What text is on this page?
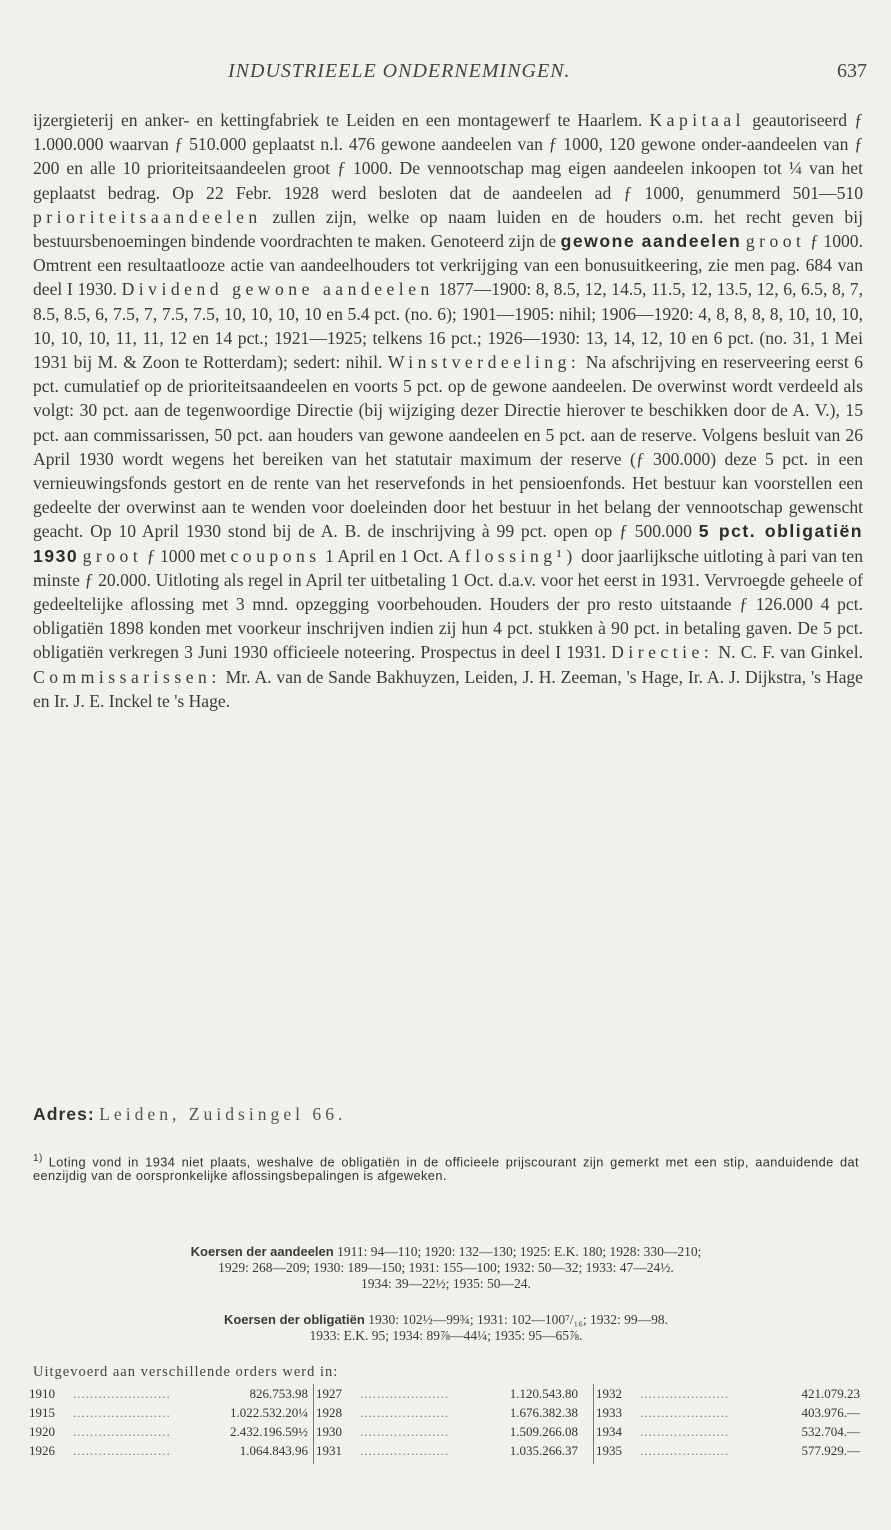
INDUSTRIEELE ONDERNEMINGEN.	637

ijzergieterij en anker- en kettingfabriek te Leiden en een montagewerf te Haarlem. Kapitaal geautoriseerd ƒ 1.000.000 waarvan ƒ 510.000 geplaatst n.l. 476 gewone aandeelen van ƒ 1000, 120 gewone onder-aandeelen van ƒ 200 en alle 10 prioriteitsaandeelen groot ƒ 1000. De vennootschap mag eigen aandeelen inkoopen tot ¼ van het geplaatst bedrag. Op 22 Febr. 1928 werd besloten dat de aandeelen ad ƒ 1000, genummerd 501—510 prioriteitsaandeelen zullen zijn, welke op naam luiden en de houders o.m. het recht geven bij bestuursbenoemingen bindende voordrachten te maken. Genoteerd zijn de gewone aandeelen groot ƒ 1000. Omtrent een resultaatlooze actie van aandeelhouders tot verkrijging van een bonusuitkeering, zie men pag. 684 van deel I 1930. Dividend gewone aandeelen 1877—1900: 8, 8.5, 12, 14.5, 11.5, 12, 13.5, 12, 6, 6.5, 8, 7, 8.5, 8.5, 6, 7.5, 7, 7.5, 7.5, 10, 10, 10, 10 en 5.4 pct. (no. 6); 1901—1905: nihil; 1906—1920: 4, 8, 8, 8, 8, 10, 10, 10, 10, 10, 10, 11, 11, 12 en 14 pct.; 1921—1925; telkens 16 pct.; 1926—1930: 13, 14, 12, 10 en 6 pct. (no. 31, 1 Mei 1931 bij M. & Zoon te Rotterdam); sedert: nihil. Winstverdeeling: Na afschrijving en reserveering eerst 6 pct. cumulatief op de prioriteitsaandeelen en voorts 5 pct. op de gewone aandeelen. De overwinst wordt verdeeld als volgt: 30 pct. aan de tegenwoordige Directie (bij wijziging dezer Directie hierover te beschikken door de A. V.), 15 pct. aan commissarissen, 50 pct. aan houders van gewone aandeelen en 5 pct. aan de reserve. Volgens besluit van 26 April 1930 wordt wegens het bereiken van het statutair maximum der reserve (ƒ 300.000) deze 5 pct. in een vernieuwingsfonds gestort en de rente van het reservefonds in het pensioenfonds. Het bestuur kan voorstellen een gedeelte der overwinst aan te wenden voor doeleinden door het bestuur in het belang der vennootschap gewenscht geacht. Op 10 April 1930 stond bij de A. B. de inschrijving à 99 pct. open op ƒ 500.000 5 pct. obligatiën 1930 groot ƒ 1000 met coupons 1 April en 1 Oct. Aflossing¹) door jaarlijksche uitloting à pari van ten minste ƒ 20.000. Uitloting als regel in April ter uitbetaling 1 Oct. d.a.v. voor het eerst in 1931. Vervroegde geheele of gedeeltelijke aflossing met 3 mnd. opzegging voorbehouden. Houders der pro resto uitstaande ƒ 126.000 4 pct. obligatiën 1898 konden met voorkeur inschrijven indien zij hun 4 pct. stukken à 90 pct. in betaling gaven. De 5 pct. obligatiën verkregen 3 Juni 1930 officieele noteering. Prospectus in deel I 1931. Directie: N. C. F. van Ginkel. Commissarissen: Mr. A. van de Sande Bakhuyzen, Leiden, J. H. Zeeman, 's Hage, Ir. A. J. Dijkstra, 's Hage en Ir. J. E. Inckel te 's Hage.

Adres: Leiden, Zuidsingel 66.
$^{1)}$ Loting vond in 1934 niet plaats, weshalve de obligatiën in de officieele prijscourant zijn gemerkt met een stip, aanduidende dat eenzijdig van de oorspronkelijke aflossingsbepalingen is afgeweken.
Koersen der aandeelen 1911: 94—110; 1920: 132—130; 1925: E.K. 180; 1928: 330—210;
1929: 268—209; 1930: 189—150; 1931: 155—100; 1932: 50—32; 1933: 47—24½.
1934: 39—22½; 1935: 50—24.
Koersen der obligatiën 1930: 102½—99¾; 1931: 102—100⁷/₁₆; 1932: 99—98.
1933: E.K. 95; 1934: 89⅞—44¼; 1935: 95—65⅞.
Uitgevoerd aan verschillende orders werd in:
1910 .......................	826.753.98
1915 .......................	1.022.532.20¼
1920 .......................	2.432.196.59½
1926 .......................	1.064.843.96
1927 .....................	1.120.543.80
1928 .....................	1.676.382.38
1930 .....................	1.509.266.08
1931 .....................	1.035.266.37
1932 .....................	421.079.23
1933 .....................	403.976.—
1934 .....................	532.704.—
1935 .....................	577.929.—
